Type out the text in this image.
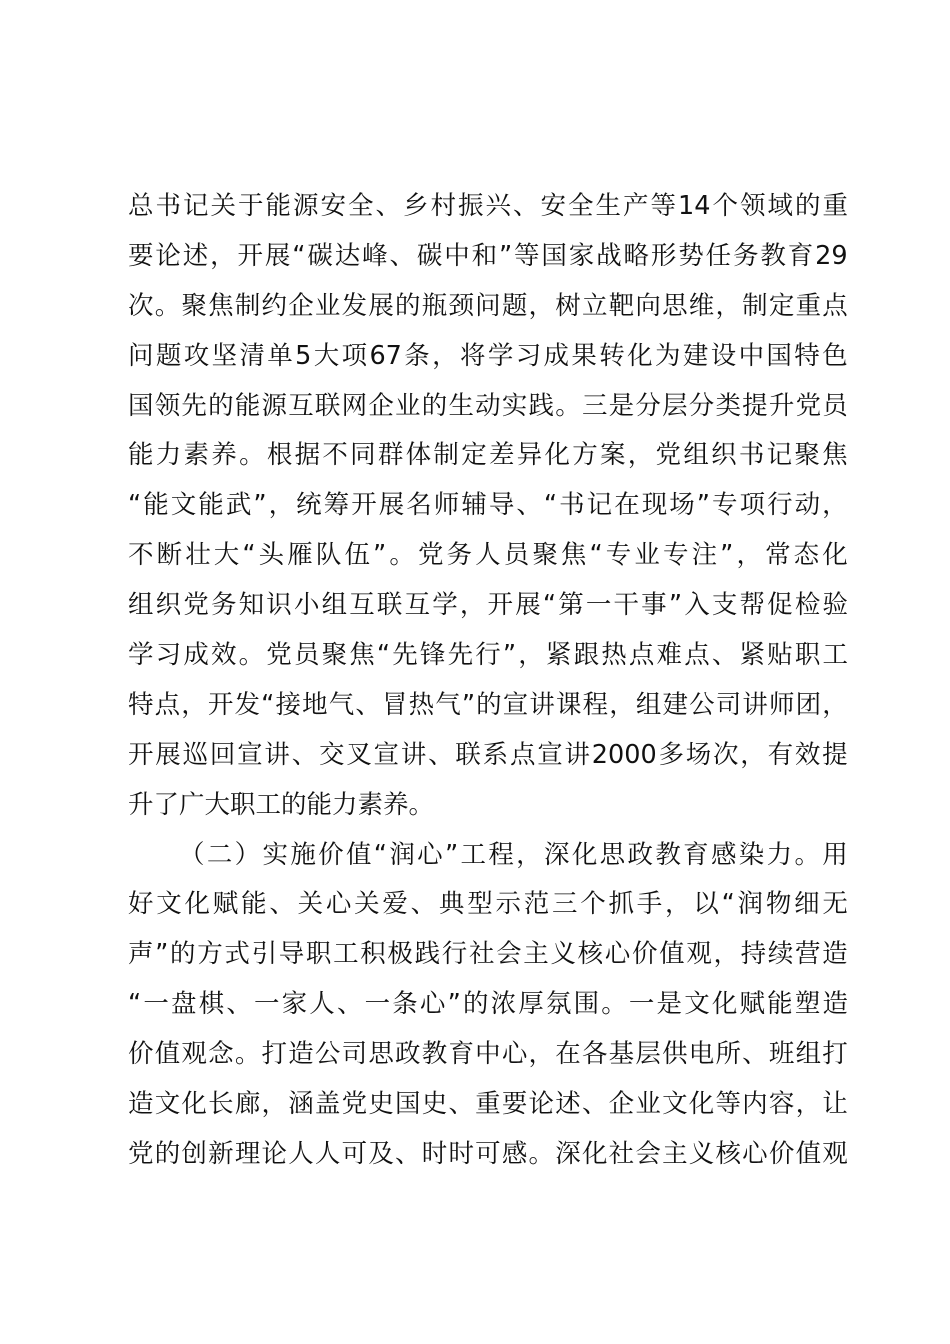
总 书 记 关 于 能 源 安 全 、 乡 村 振 兴 、 安 全 生 产 等 14 个 领 域 的 重
要 论 述 ， 开 展 “ 碳 达 峰 、 碳 中 和 ” 等 国 家 战 略 形 势 任 务 教 育 29
次 。 聚 焦 制 约 企 业 发 展 的 瓶 颈 问 题 ， 树 立 靶 向 思 维 ， 制 定 重 点
问 题 攻 坚 清 单 5 大 项 67 条 ， 将 学 习 成 果 转 化 为 建 设 中 国 特 色
国 领 先 的 能 源 互 联 网 企 业 的 生 动 实 践 。 三 是 分 层 分 类 提 升 党 员
能 力 素 养 。 根 据 不 同 群 体 制 定 差 异 化 方 案 ， 党 组 织 书 记 聚 焦
“ 能 文 能 武 ” ， 统 筹 开 展 名 师 辅 导 、 “ 书 记 在 现 场 ” 专 项 行 动 ，
不 断 壮 大 “ 头 雁 队 伍 ” 。 党 务 人 员 聚 焦 “ 专 业 专 注 ” ， 常 态 化
组 织 党 务 知 识 小 组 互 联 互 学 ， 开 展 “ 第 一 干 事 ” 入 支 帮 促 检 验
学 习 成 效 。 党 员 聚 焦 “ 先 锋 先 行 ” ， 紧 跟 热 点 难 点 、 紧 贴 职 工
特 点 ， 开 发 “ 接 地 气 、 冒 热 气 ” 的 宣 讲 课 程 ， 组 建 公 司 讲 师 团 ，
开 展 巡 回 宣 讲 、 交 叉 宣 讲 、 联 系 点 宣 讲 2000 多 场 次 ， 有 效 提
升了广大职工的能力素养。
（ 二 ） 实 施 价 值 “ 润 心 ” 工 程 ， 深 化 思 政 教 育 感 染 力 。 用
好 文 化 赋 能 、 关 心 关 爱 、 典 型 示 范 三 个 抓 手 ， 以 “ 润 物 细 无
声 ” 的 方 式 引 导 职 工 积 极 践 行 社 会 主 义 核 心 价 值 观 ， 持 续 营 造
“ 一 盘 棋 、 一 家 人 、 一 条 心 ” 的 浓 厚 氛 围 。 一 是 文 化 赋 能 塑 造
价 值 观 念 。 打 造 公 司 思 政 教 育 中 心 ， 在 各 基 层 供 电 所 、 班 组 打
造 文 化 长 廊 ， 涵 盖 党 史 国 史 、 重 要 论 述 、 企 业 文 化 等 内 容 ， 让
党 的 创 新 理 论 人 人 可 及 、 时 时 可 感 。 深 化 社 会 主 义 核 心 价 值 观
